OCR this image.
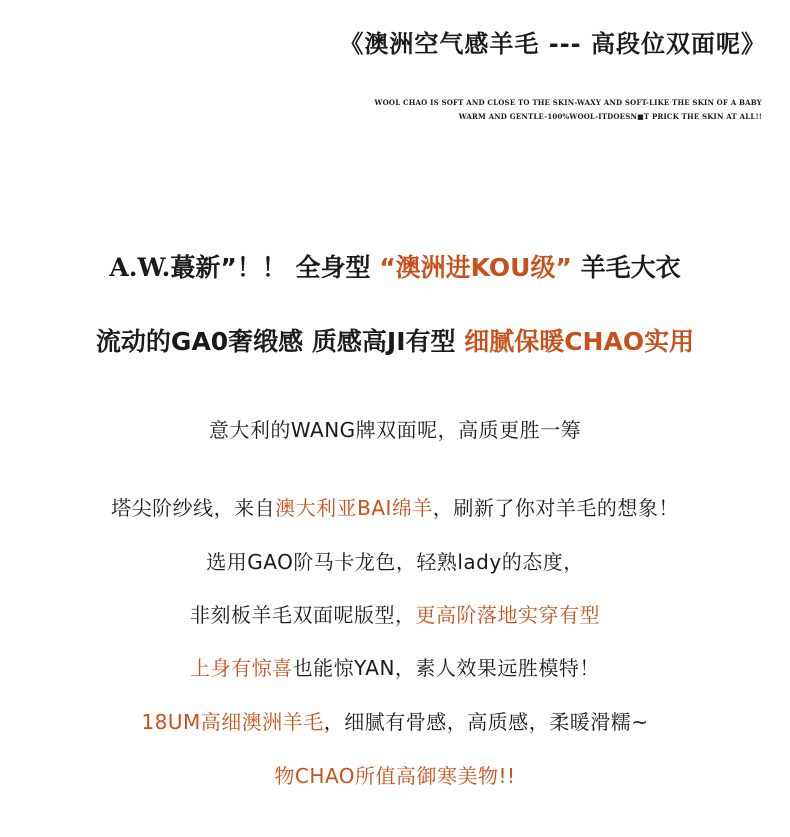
《澳洲空气感羊毛 --- 高段位双面呢》
WOOL CHAO IS SOFT AND CLOSE TO THE SKIN-WAXY AND SOFT-LIKE THE SKIN OF A BABY
WARM AND GENTLE-100%WOOL-ITDOESN■T PRICK THE SKIN AT ALL!!
A.W.蕞新”！！ 全身型 “澳洲进KOU级” 羊毛大衣
流动的GA0奢缎感 质感高JI有型 细腻保暖CHAO实用
意大利的WANG牌双面呢，高质更胜一筹
塔尖阶纱线，来自澳大利亚BAI绵羊，刷新了你对羊毛的想象！
选用GAO阶马卡龙色，轻熟lady的态度，
非刻板羊毛双面呢版型，更高阶落地实穿有型
上身有惊喜也能惊YAN，素人效果远胜模特！
18UM高细澳洲羊毛，细腻有骨感，高质感，柔暖滑糯~
物CHAO所值高御寒美物!!
